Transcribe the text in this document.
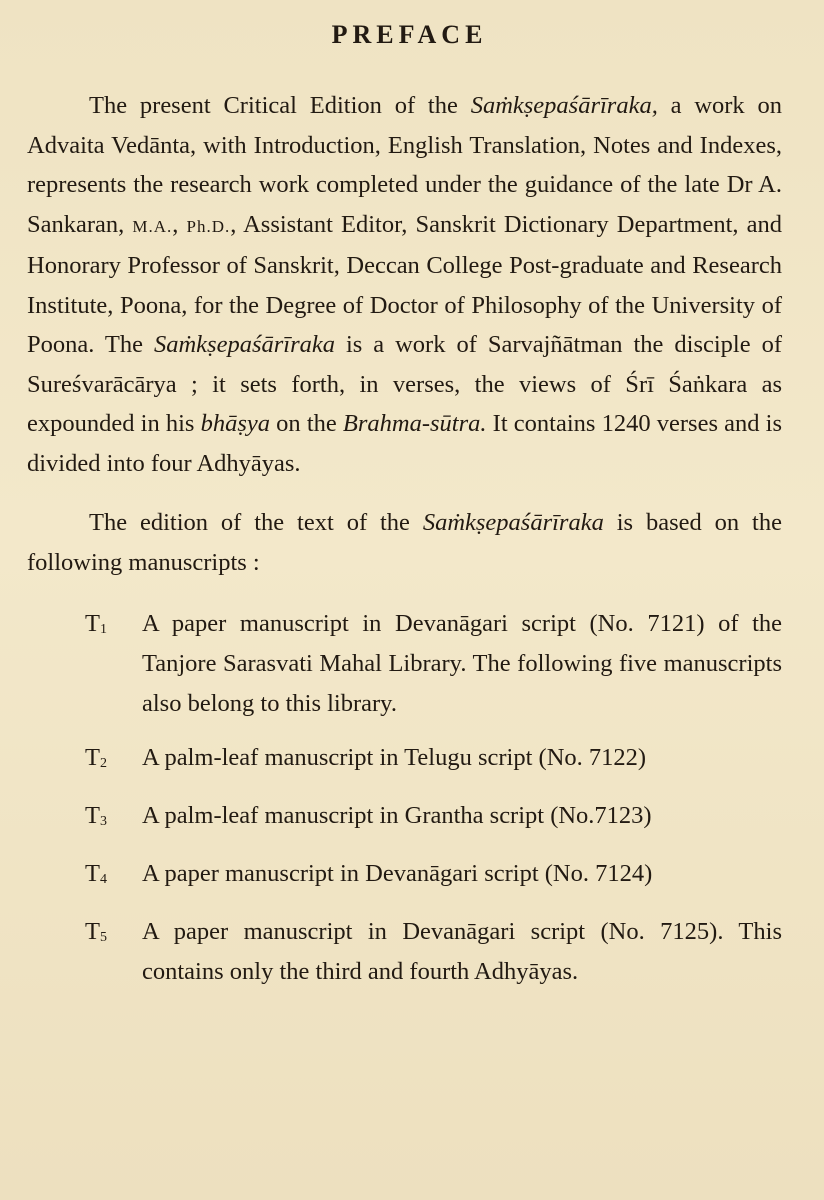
PREFACE

The present Critical Edition of the Saṁkṣepaśārīraka, a work on Advaita Vedānta, with Introduction, English Translation, Notes and Indexes, represents the research work completed under the guidance of the late Dr A. Sankaran, M.A., Ph.D., Assistant Editor, Sanskrit Dictionary Department, and Honorary Professor of Sanskrit, Deccan College Post-graduate and Research Institute, Poona, for the Degree of Doctor of Philosophy of the University of Poona. The Saṁkṣepaśārīraka is a work of Sarvajñātman the disciple of Sureśvarācārya ; it sets forth, in verses, the views of Śrī Śaṅkara as expounded in his bhāṣya on the Brahma-sūtra. It contains 1240 verses and is divided into four Adhyāyas.

The edition of the text of the Saṁkṣepaśārīraka is based on the following manuscripts :

$T_1$	A paper manuscript in Devanāgari script (No. 7121) of the Tanjore Sarasvati Mahal Library. The following five manuscripts also belong to this library.
$T_2$	A palm-leaf manuscript in Telugu script (No. 7122)
$T_3$	A palm-leaf manuscript in Grantha script (No.7123)
$T_4$	A paper manuscript in Devanāgari script (No. 7124)
$T_5$	A paper manuscript in Devanāgari script (No. 7125). This contains only the third and fourth Adhyāyas.
